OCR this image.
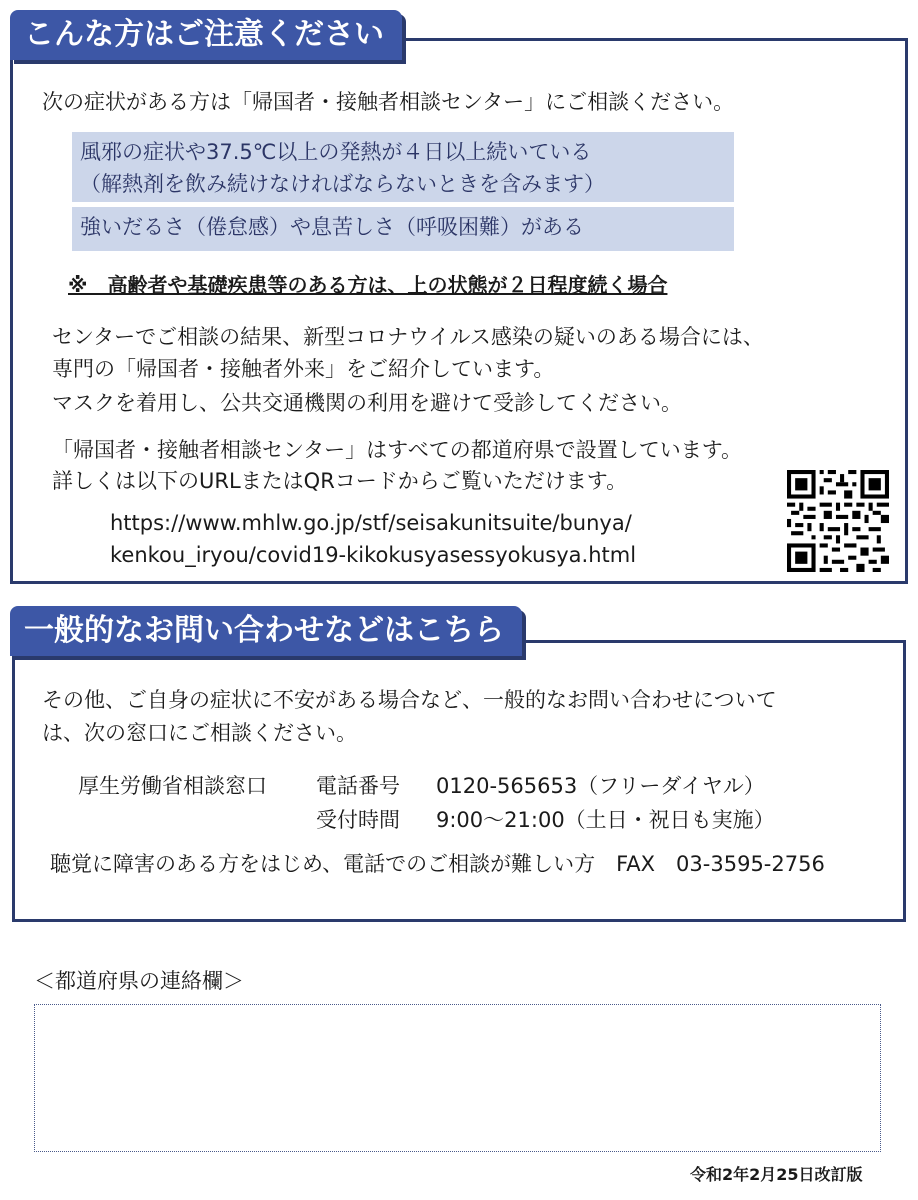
こんな方はご注意ください
次の症状がある方は「帰国者・接触者相談センター」にご相談ください。
風邪の症状や37.5℃以上の発熱が４日以上続いている
（解熱剤を飲み続けなければならないときを含みます）
強いだるさ（倦怠感）や息苦しさ（呼吸困難）がある
※　高齢者や基礎疾患等のある方は、上の状態が２日程度続く場合
センターでご相談の結果、新型コロナウイルス感染の疑いのある場合には、
専門の「帰国者・接触者外来」をご紹介しています。
マスクを着用し、公共交通機関の利用を避けて受診してください。
「帰国者・接触者相談センター」はすべての都道府県で設置しています。
詳しくは以下のURLまたはQRコードからご覧いただけます。
https://www.mhlw.go.jp/stf/seisakunitsuite/bunya/
kenkou_iryou/covid19-kikokusyasessyokusya.html
一般的なお問い合わせなどはこちら
その他、ご自身の症状に不安がある場合など、一般的なお問い合わせについて
は、次の窓口にご相談ください。
厚生労働省相談窓口 電話番号 0120-565653（フリーダイヤル）
受付時間 9:00〜21:00（土日・祝日も実施）
聴覚に障害のある方をはじめ、電話でのご相談が難しい方　FAX　03-3595-2756
＜都道府県の連絡欄＞
令和2年2月25日改訂版
